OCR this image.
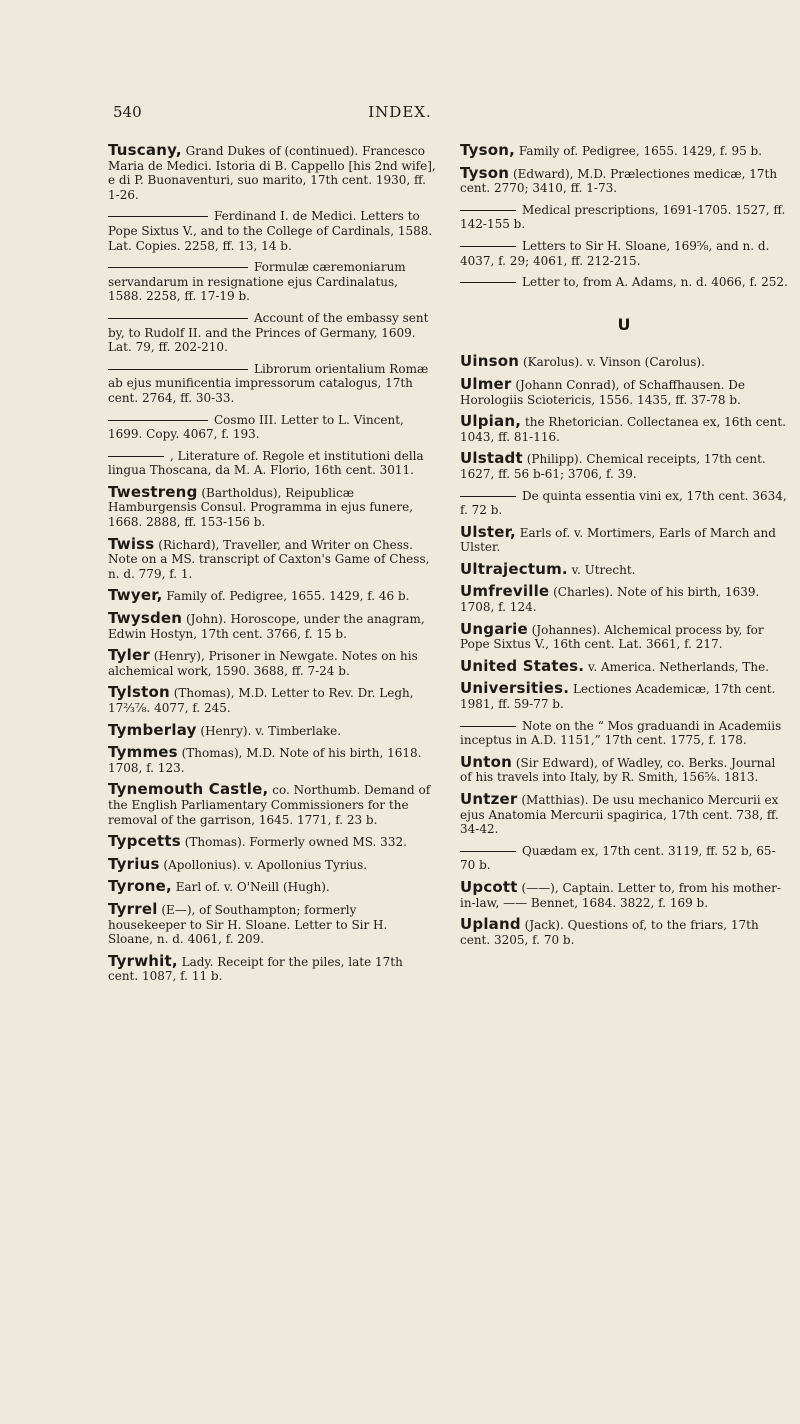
540	INDEX.
Tuscany, Grand Dukes of (continued). Francesco Maria de Medici. Istoria di B. Cappello [his 2nd wife], e di P. Buonaventuri, suo marito, 17th cent. 1930, ff. 1-26.
Ferdinand I. de Medici. Letters to Pope Sixtus V., and to the College of Cardinals, 1588. Lat. Copies. 2258, ff. 13, 14 b.
Formulæ cæremoniarum servandarum in resignatione ejus Cardinalatus, 1588. 2258, ff. 17-19 b.
Account of the embassy sent by, to Rudolf II. and the Princes of Germany, 1609. Lat. 79, ff. 202-210.
Librorum orientalium Romæ ab ejus munificentia impressorum catalogus, 17th cent. 2764, ff. 30-33.
Cosmo III. Letter to L. Vincent, 1699. Copy. 4067, f. 193.
, Literature of. Regole et institutioni della lingua Thoscana, da M. A. Florio, 16th cent. 3011.
Twestreng (Bartholdus), Reipublicæ Hamburgensis Consul. Programma in ejus funere, 1668. 2888, ff. 153-156 b.
Twiss (Richard), Traveller, and Writer on Chess. Note on a MS. transcript of Caxton's Game of Chess, n. d. 779, f. 1.
Twyer, Family of. Pedigree, 1655. 1429, f. 46 b.
Twysden (John). Horoscope, under the anagram, Edwin Hostyn, 17th cent. 3766, f. 15 b.
Tyler (Henry), Prisoner in Newgate. Notes on his alchemical work, 1590. 3688, ff. 7-24 b.
Tylston (Thomas), M.D. Letter to Rev. Dr. Legh, 17⅔⅞. 4077, f. 245.
Tymberlay (Henry). v. Timberlake.
Tymmes (Thomas), M.D. Note of his birth, 1618. 1708, f. 123.
Tynemouth Castle, co. Northumb. Demand of the English Parliamentary Commissioners for the removal of the garrison, 1645. 1771, f. 23 b.
Typcetts (Thomas). Formerly owned MS. 332.
Tyrius (Apollonius). v. Apollonius Tyrius.
Tyrone, Earl of. v. O'Neill (Hugh).
Tyrrel (E—), of Southampton; formerly housekeeper to Sir H. Sloane. Letter to Sir H. Sloane, n. d. 4061, f. 209.
Tyrwhit, Lady. Receipt for the piles, late 17th cent. 1087, f. 11 b.
Tyson, Family of. Pedigree, 1655. 1429, f. 95 b.
Tyson (Edward), M.D. Prælectiones medicæ, 17th cent. 2770; 3410, ff. 1-73.
Medical prescriptions, 1691-1705. 1527, ff. 142-155 b.
Letters to Sir H. Sloane, 169⅝, and n. d. 4037, f. 29; 4061, ff. 212-215.
Letter to, from A. Adams, n. d. 4066, f. 252.
U
Uinson (Karolus). v. Vinson (Carolus).
Ulmer (Johann Conrad), of Schaffhausen. De Horologiis Sciotericis, 1556. 1435, ff. 37-78 b.
Ulpian, the Rhetorician. Collectanea ex, 16th cent. 1043, ff. 81-116.
Ulstadt (Philipp). Chemical receipts, 17th cent. 1627, ff. 56 b-61; 3706, f. 39.
De quinta essentia vini ex, 17th cent. 3634, f. 72 b.
Ulster, Earls of. v. Mortimers, Earls of March and Ulster.
Ultrajectum. v. Utrecht.
Umfreville (Charles). Note of his birth, 1639. 1708, f. 124.
Ungarie (Johannes). Alchemical process by, for Pope Sixtus V., 16th cent. Lat. 3661, f. 217.
United States. v. America. Netherlands, The.
Universities. Lectiones Academicæ, 17th cent. 1981, ff. 59-77 b.
Note on the “ Mos graduandi in Academiis inceptus in A.D. 1151,” 17th cent. 1775, f. 178.
Unton (Sir Edward), of Wadley, co. Berks. Journal of his travels into Italy, by R. Smith, 156⅝. 1813.
Untzer (Matthias). De usu mechanico Mercurii ex ejus Anatomia Mercurii spagirica, 17th cent. 738, ff. 34-42.
Quædam ex, 17th cent. 3119, ff. 52 b, 65-70 b.
Upcott (——), Captain. Letter to, from his mother-in-law, —— Bennet, 1684. 3822, f. 169 b.
Upland (Jack). Questions of, to the friars, 17th cent. 3205, f. 70 b.
